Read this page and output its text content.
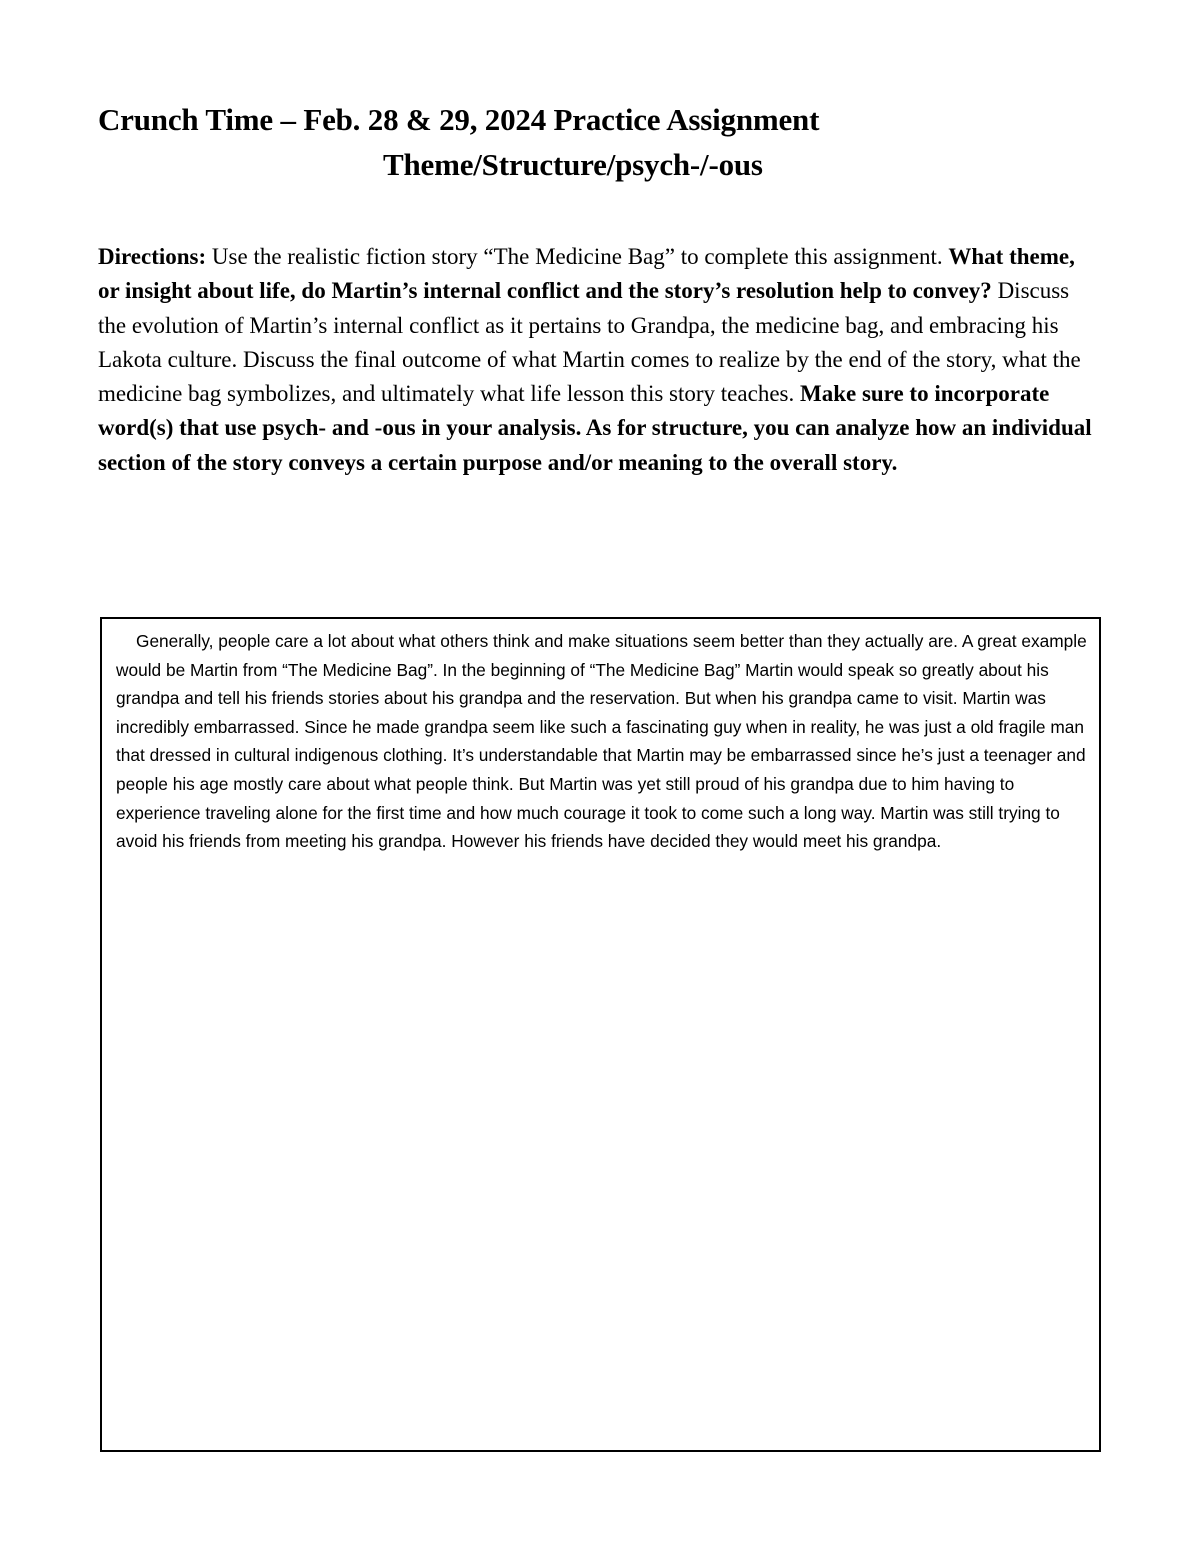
Crunch Time – Feb. 28 & 29, 2024 Practice Assignment
Theme/Structure/psych-/-ous

Directions: Use the realistic fiction story “The Medicine Bag” to complete this assignment. What theme, or insight about life, do Martin’s internal conflict and the story’s resolution help to convey? Discuss the evolution of Martin’s internal conflict as it pertains to Grandpa, the medicine bag, and embracing his Lakota culture. Discuss the final outcome of what Martin comes to realize by the end of the story, what the medicine bag symbolizes, and ultimately what life lesson this story teaches. Make sure to incorporate word(s) that use psych- and -ous in your analysis. As for structure, you can analyze how an individual section of the story conveys a certain purpose and/or meaning to the overall story.

Generally, people care a lot about what others think and make situations seem better than they actually are. A great example would be Martin from “The Medicine Bag”. In the beginning of “The Medicine Bag” Martin would speak so greatly about his grandpa and tell his friends stories about his grandpa and the reservation. But when his grandpa came to visit. Martin was incredibly embarrassed. Since he made grandpa seem like such a fascinating guy when in reality, he was just a old fragile man that dressed in cultural indigenous clothing. It’s understandable that Martin may be embarrassed since he’s just a teenager and people his age mostly care about what people think. But Martin was yet still proud of his grandpa due to him having to experience traveling alone for the first time and how much courage it took to come such a long way. Martin was still trying to avoid his friends from meeting his grandpa. However his friends have decided they would meet his grandpa.
